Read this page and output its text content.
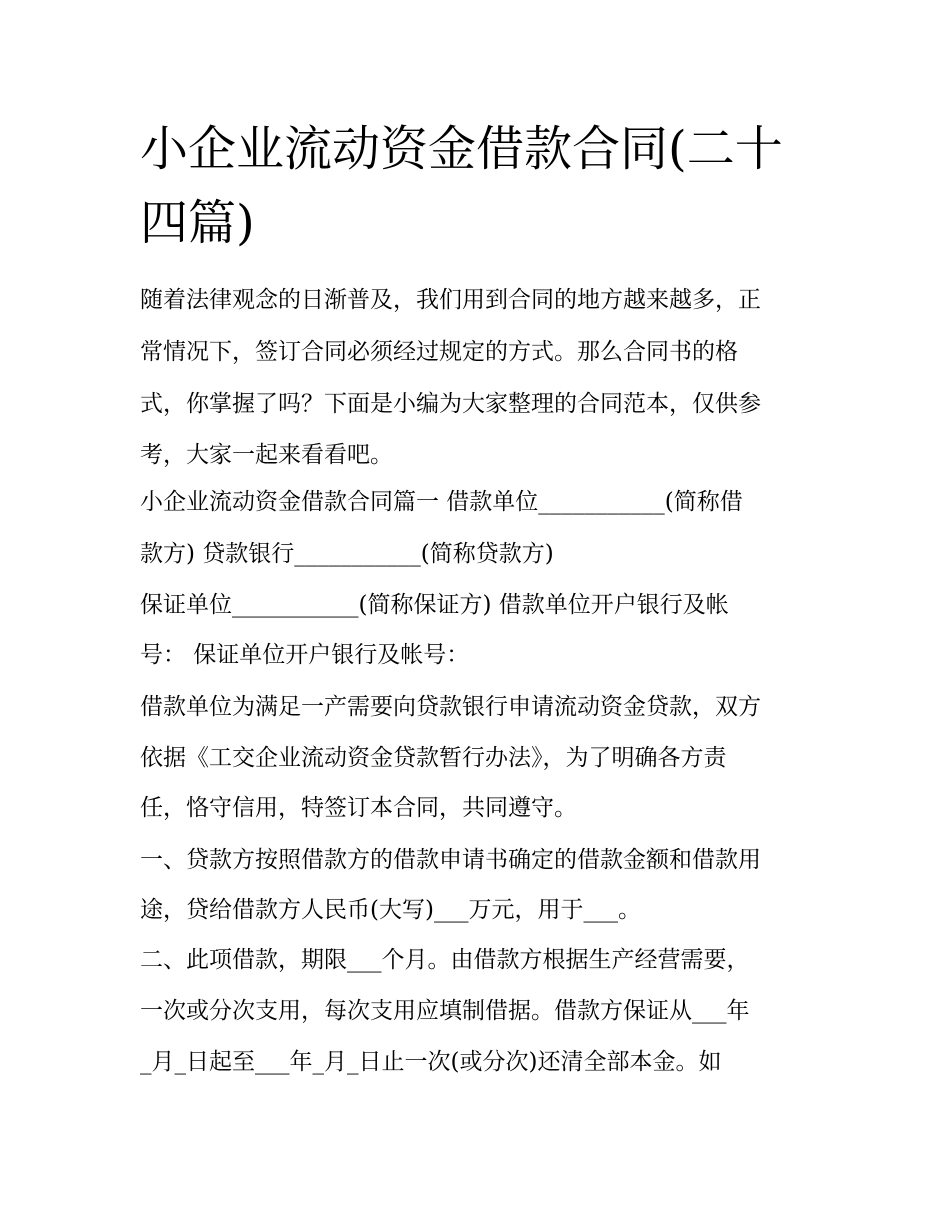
小企业流动资金借款合同(二十
四篇)
随着法律观念的日渐普及，我们用到合同的地方越来越多，正
常情况下，签订合同必须经过规定的方式。那么合同书的格
式，你掌握了吗？下面是小编为大家整理的合同范本，仅供参
考，大家一起来看看吧。
小企业流动资金借款合同篇一 借款单位___________(简称借
款方) 贷款银行___________(简称贷款方)
保证单位___________(简称保证方) 借款单位开户银行及帐
号： 保证单位开户银行及帐号：
借款单位为满足一产需要向贷款银行申请流动资金贷款，双方
依据《工交企业流动资金贷款暂行办法》，为了明确各方责
任，恪守信用，特签订本合同，共同遵守。
一、贷款方按照借款方的借款申请书确定的借款金额和借款用
途，贷给借款方人民币(大写)___万元，用于___。
二、此项借款，期限___个月。由借款方根据生产经营需要，
一次或分次支用，每次支用应填制借据。借款方保证从___年
_月_日起至___年_月_日止一次(或分次)还清全部本金。如
